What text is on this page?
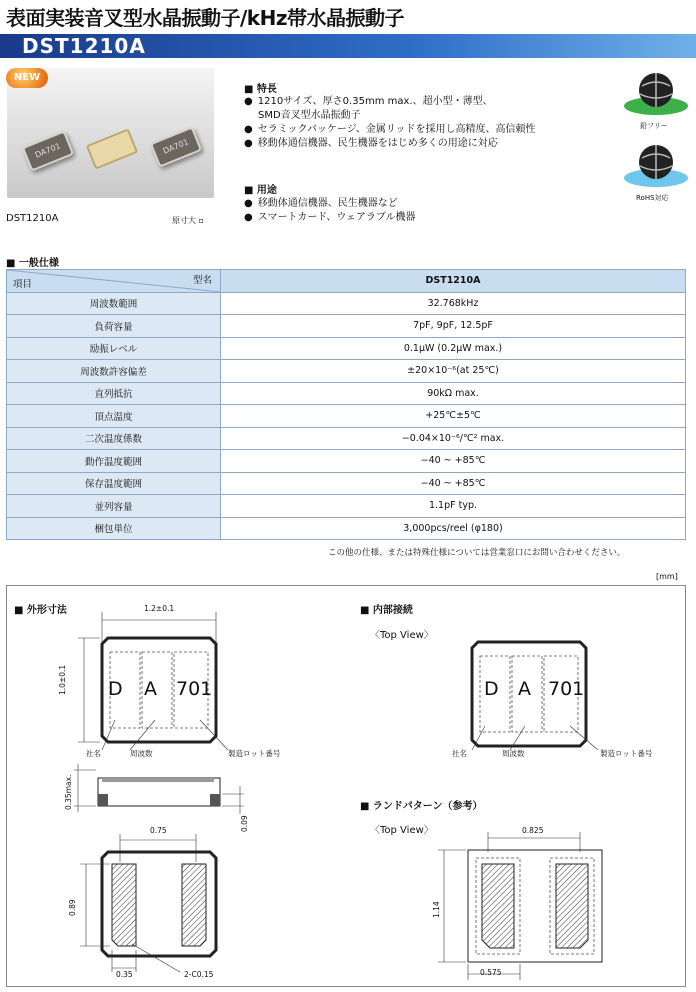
表面実装音叉型水晶振動子/kHz帯水晶振動子
DST1210A
DA701	DA701
NEW
DST1210A	原寸大 ▫
■ 特長
● 1210サイズ、厚さ0.35mm max.、超小型・薄型、
SMD音叉型水晶振動子
● セラミックパッケージ、金属リッドを採用し高精度、高信頼性
● 移動体通信機器、民生機器をはじめ多くの用途に対応
■ 用途
● 移動体通信機器、民生機器など
● スマートカード、ウェアラブル機器
鉛フリー
RoHS対応
■ 一般仕様
項目 型名	DST1210A
周波数範囲	32.768kHz
負荷容量	7pF, 9pF, 12.5pF
励振レベル	0.1μW (0.2μW max.)
周波数許容偏差	±20×10⁻⁶(at 25℃)
直列抵抗	90kΩ max.
頂点温度	+25℃±5℃
二次温度係数	−0.04×10⁻⁶/℃² max.
動作温度範囲	−40 ~ +85℃
保存温度範囲	−40 ~ +85℃
並列容量	1.1pF typ.
梱包単位	3,000pcs/reel (φ180)
この他の仕様、または特殊仕様については営業窓口にお問い合わせください。
[mm]
■ 外形寸法	■ 内部接続
〈Top View〉
■ ランドパターン（参考）
〈Top View〉
1.2±0.1
1.0±0.1 D A 701
社名	周波数	製造ロット番号
0.35max.
0.09
0.75
0.89
0.35	2-C0.15
D A 701
社名	周波数	製造ロット番号
0.825
1.14
0.575
